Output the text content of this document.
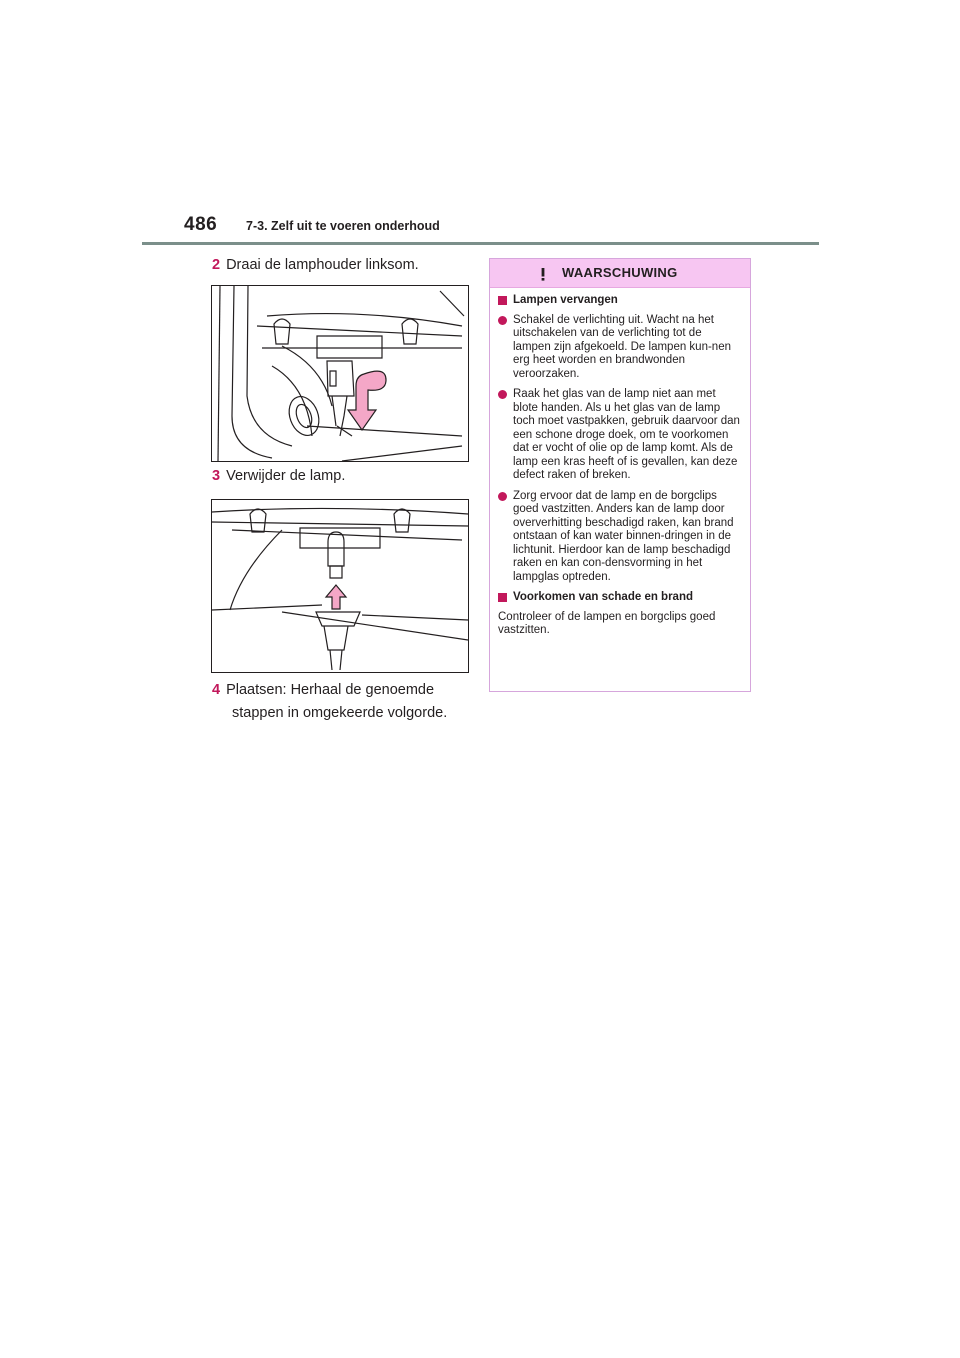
486 7-3. Zelf uit te voeren onderhoud
2 Draai de lamphouder linksom.
3 Verwijder de lamp.
4 Plaatsen: Herhaal de genoemde
stappen in omgekeerde volgorde.
WAARSCHUWING
Lampen vervangen
Schakel de verlichting uit. Wacht na het uitschakelen van de verlichting tot de lampen zijn afgekoeld. De lampen kun-nen erg heet worden en brandwonden veroorzaken.
Raak het glas van de lamp niet aan met blote handen. Als u het glas van de lamp toch moet vastpakken, gebruik daarvoor dan een schone droge doek, om te voorkomen dat er vocht of olie op de lamp komt. Als de lamp een kras heeft of is gevallen, kan deze defect raken of breken.
Zorg ervoor dat de lamp en de borgclips goed vastzitten. Anders kan de lamp door oververhitting beschadigd raken, kan brand ontstaan of kan water binnen-dringen in de lichtunit. Hierdoor kan de lamp beschadigd raken en kan con-densvorming in het lampglas optreden.
Voorkomen van schade en brand

Controleer of de lampen en borgclips goed vastzitten.
